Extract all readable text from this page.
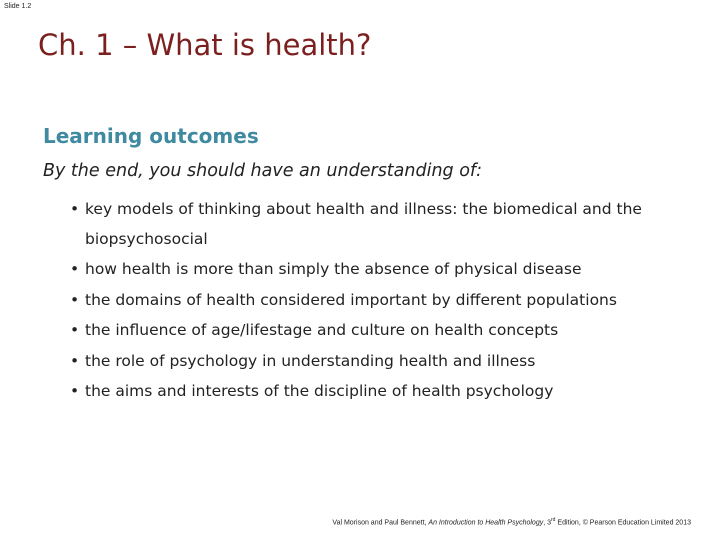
Slide 1.2
Ch. 1 – What is health?
Learning outcomes
By the end, you should have an understanding of:
• key models of thinking about health and illness: the biomedical and the biopsychosocial
• how health is more than simply the absence of physical disease
• the domains of health considered important by different populations
• the influence of age/lifestage and culture on health concepts
• the role of psychology in understanding health and illness
• the aims and interests of the discipline of health psychology
Val Morison and Paul Bennett, An Introduction to Health Psychology, 3rd Edition, © Pearson Education Limited 2013
